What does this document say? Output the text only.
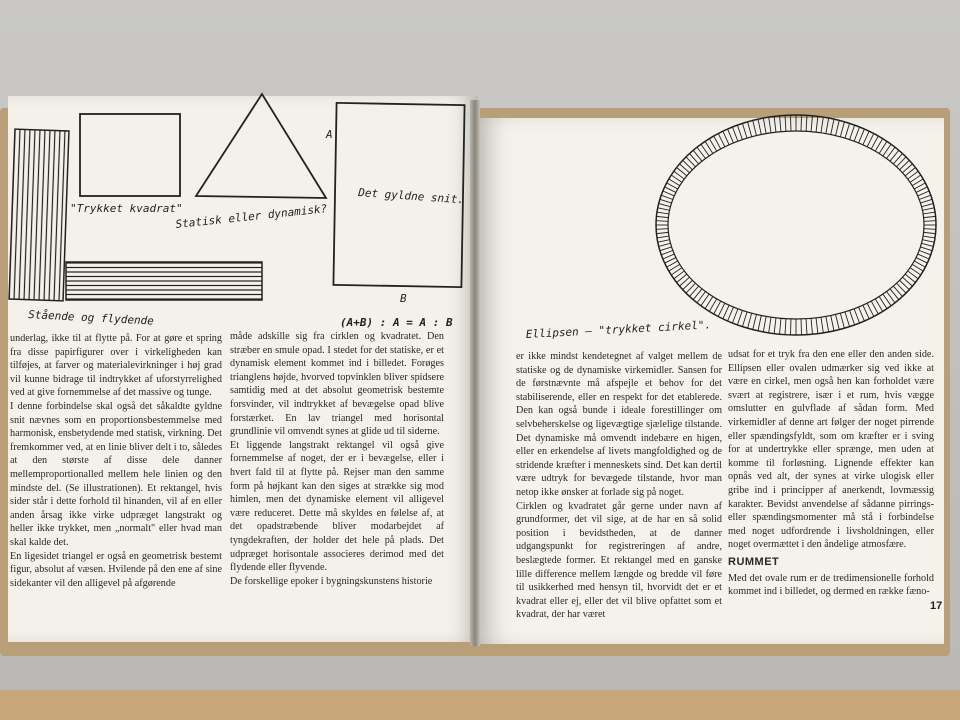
"Trykket kvadrat"
Statisk eller dynamisk?
Stående og flydende
A
B
Det gyldne snit.
(A+B) : A = A : B	Ellipsen – "trykket cirkel".

underlag, ikke til at flytte på. For at gøre et spring fra disse papirfigurer over i virkeligheden kan tilføjes, at farver og materialevirkninger i høj grad vil kunne bidrage til indtrykket af uforstyrrelighed ved at give fornemmelse af det massive og tunge.

I denne forbindelse skal også det såkaldte gyldne snit nævnes som en proportionsbestemmelse med harmonisk, ensbetydende med statisk, virkning. Det fremkommer ved, at en linie bliver delt i to, således at den største af disse dele danner mellemproportionalled mellem hele linien og den mindste del. (Se illustrationen). Et rektangel, hvis sider står i dette forhold til hinanden, vil af en eller anden årsag ikke virke udpræget langstrakt og heller ikke trykket, men „normalt" eller hvad man skal kalde det.

En ligesidet triangel er også en geometrisk bestemt figur, absolut af væsen. Hvilende på den ene af sine sidekanter vil den alligevel på afgørende

måde adskille sig fra cirklen og kvadratet. Den stræber en smule opad. I stedet for det statiske, er et dynamisk element kommet ind i billedet. Forøges trianglens højde, hvorved topvinklen bliver spidsere samtidig med at det absolut geometrisk bestemte forsvinder, vil indtrykket af bevægelse opad blive forstærket. En lav triangel med horisontal grundlinie vil omvendt synes at glide ud til siderne.

Et liggende langstrakt rektangel vil også give fornemmelse af noget, der er i bevægelse, eller i hvert fald til at flytte på. Rejser man den samme form på højkant kan den siges at strække sig mod himlen, men det dynamiske element vil alligevel være reduceret. Dette må skyldes en følelse af, at det opadstræbende bliver modarbejdet af tyngdekraften, der holder det hele på plads. Det udpræget horisontale associeres derimod med det flydende eller flyvende.

De forskellige epoker i bygningskunstens historie

er ikke mindst kendetegnet af valget mellem de statiske og de dynamiske virkemidler. Sansen for de førstnævnte må afspejle et behov for det stabiliserende, eller en respekt for det etablerede. Den kan også bunde i ideale forestillinger om selvbeherskelse og ligevægtige sjælelige tilstande. Det dynamiske må omvendt indebære en higen, eller en erkendelse af livets mangfoldighed og de stridende kræfter i menneskets sind. Det kan dertil være udtryk for bevægede tilstande, hvor man netop ikke ønsker at forlade sig på noget.

Cirklen og kvadratet går gerne under navn af grundformer, det vil sige, at de har en så solid position i bevidstheden, at de danner udgangspunkt for registreringen af andre, beslægtede former. Et rektangel med en ganske lille difference mellem længde og bredde vil føre til usikkerhed med hensyn til, hvorvidt det er et kvadrat eller ej, eller det vil blive opfattet som et kvadrat, der har været

udsat for et tryk fra den ene eller den anden side. Ellipsen eller ovalen udmærker sig ved ikke at være en cirkel, men også hen kan forholdet være svært at registrere, især i et rum, hvis vægge omslutter en gulvflade af sådan form. Med virkemidler af denne art følger der noget pirrende eller spændingsfyldt, som om kræfter er i sving for at undertrykke eller sprænge, men uden at komme til forløsning. Lignende effekter kan opnås ved alt, der synes at virke ulogisk eller gribe ind i principper af anerkendt, lovmæssig karakter. Bevidst anvendelse af sådanne pirrings- eller spændingsmomenter må stå i forbindelse med noget udfordrende i livsholdningen, eller noget overmættet i den åndelige atmosfære.

RUMMET

Med det ovale rum er de tredimensionelle forhold kommet ind i billedet, og dermed en række fæno-

17
